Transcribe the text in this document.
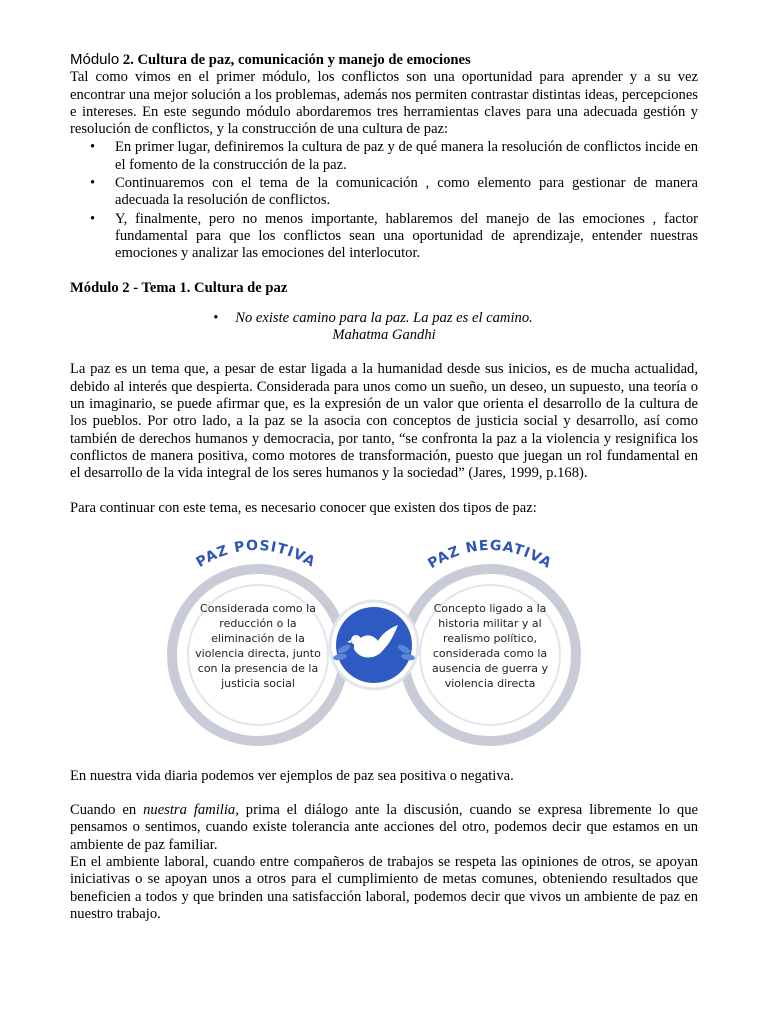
Módulo 2. Cultura de paz, comunicación y manejo de emociones

Tal como vimos en el primer módulo, los conflictos son una oportunidad para aprender y a su vez encontrar una mejor solución a los problemas, además nos permiten contrastar distintas ideas, percepciones e intereses. En este segundo módulo abordaremos tres herramientas claves para una adecuada gestión y resolución de conflictos, y la construcción de una cultura de paz:

• En primer lugar, definiremos la cultura de paz y de qué manera la resolución de conflictos incide en el fomento de la construcción de la paz.
• Continuaremos con el tema de la comunicación , como elemento para gestionar de manera adecuada la resolución de conflictos.
• Y, finalmente, pero no menos importante, hablaremos del manejo de las emociones , factor fundamental para que los conflictos sean una oportunidad de aprendizaje, entender nuestras emociones y analizar las emociones del interlocutor.

Módulo 2 - Tema 1. Cultura de paz

• No existe camino para la paz. La paz es el camino.
Mahatma Gandhi

La paz es un tema que, a pesar de estar ligada a la humanidad desde sus inicios, es de mucha actualidad, debido al interés que despierta. Considerada para unos como un sueño, un deseo, un supuesto, una teoría o un imaginario, se puede afirmar que, es la expresión de un valor que orienta el desarrollo de la cultura de los pueblos. Por otro lado, a la paz se la asocia con conceptos de justicia social y desarrollo, así como también de derechos humanos y democracia, por tanto, “se confronta la paz a la violencia y resignifica los conflictos de manera positiva, como motores de transformación, puesto que juegan un rol fundamental en el desarrollo de la vida integral de los seres humanos y la sociedad” (Jares, 1999, p.168).

Para continuar con este tema, es necesario conocer que existen dos tipos de paz:

PAZ POSITIVA	PAZ NEGATIVA
Considerada como la reducción o la eliminación de la violencia directa, junto con la presencia de la justicia social
Concepto ligado a la historia militar y al realismo político, considerada como la ausencia de guerra y violencia directa

En nuestra vida diaria podemos ver ejemplos de paz sea positiva o negativa.

Cuando en nuestra familia, prima el diálogo ante la discusión, cuando se expresa libremente lo que pensamos o sentimos, cuando existe tolerancia ante acciones del otro, podemos decir que estamos en un ambiente de paz familiar.

En el ambiente laboral, cuando entre compañeros de trabajos se respeta las opiniones de otros, se apoyan iniciativas o se apoyan unos a otros para el cumplimiento de metas comunes, obteniendo resultados que beneficien a todos y que brinden una satisfacción laboral, podemos decir que vivos un ambiente de paz en nuestro trabajo.
